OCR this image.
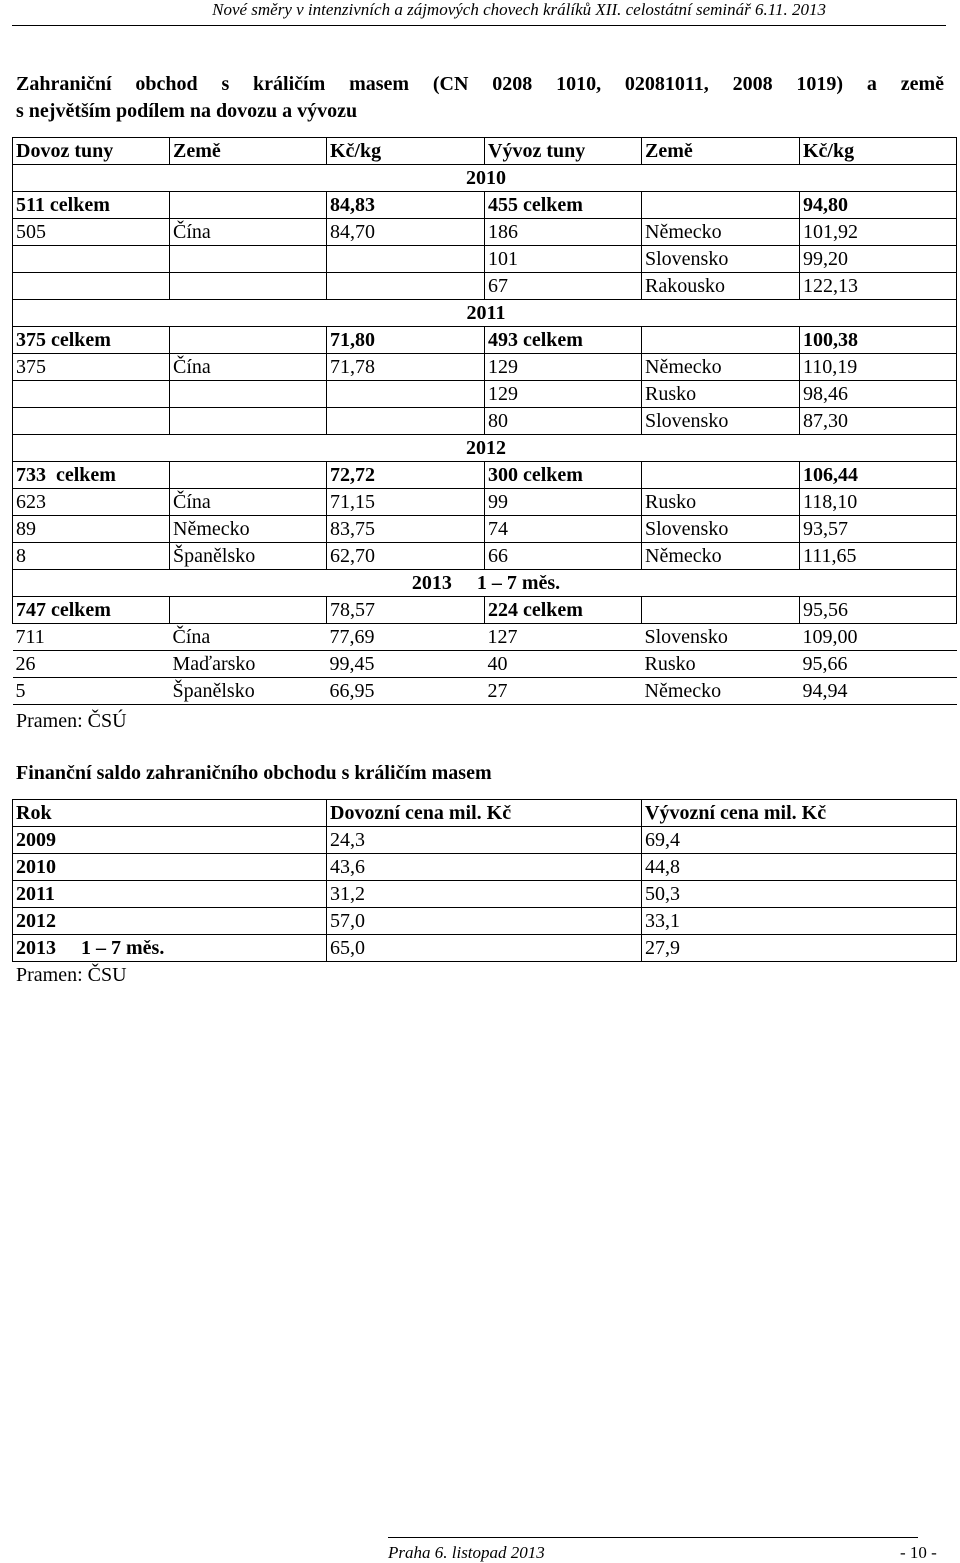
Nové směry v intenzivních a zájmových chovech králíků XII. celostátní seminář 6.11. 2013
Zahraniční obchod s králičím masem (CN 0208 1010, 02081011, 2008 1019) a země
s největším podílem na dovozu a vývozu
Dovoz tuny	Země	Kč/kg	Vývoz tuny	Země	Kč/kg
2010					
511 celkem		84,83	455 celkem		94,80
505	Čína	84,70	186	Německo	101,92
			101	Slovensko	99,20
			67	Rakousko	122,13
2011					
375 celkem		71,80	493 celkem		100,38
375	Čína	71,78	129	Německo	110,19
			129	Rusko	98,46
			80	Slovensko	87,30
2012					
733  celkem		72,72	300 celkem		106,44
623	Čína	71,15	99	Rusko	118,10
89	Německo	83,75	74	Slovensko	93,57
8	Španělsko	62,70	66	Německo	111,65
2013     1 – 7 měs.					
747 celkem		78,57	224 celkem		95,56
711	Čína	77,69	127	Slovensko	109,00
26	Maďarsko	99,45	40	Rusko	95,66
5	Španělsko	66,95	27	Německo	94,94
Pramen: ČSÚ
Finanční saldo zahraničního obchodu s králičím masem
Rok	Dovozní cena mil. Kč	Vývozní cena mil. Kč
2009	24,3	69,4
2010	43,6	44,8
2011	31,2	50,3
2012	57,0	33,1
2013     1 – 7 měs.	65,0	27,9
Pramen: ČSU
Praha 6. listopad 2013	- 10 -
